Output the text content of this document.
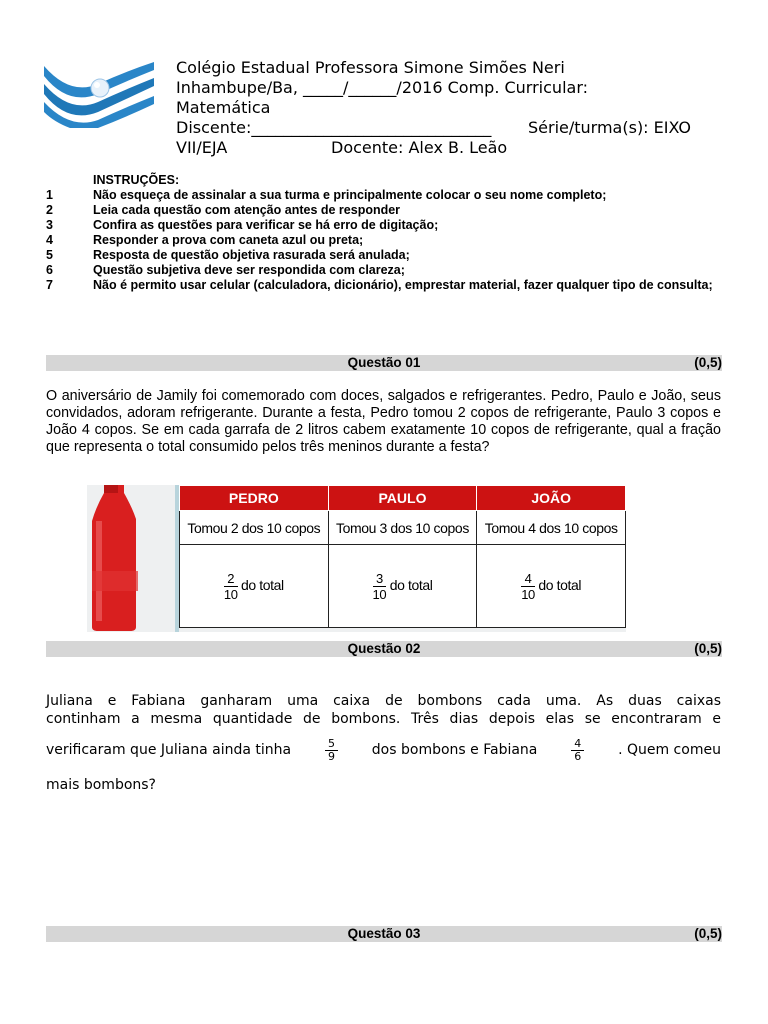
Colégio Estadual Professora Simone Simões Neri
Inhambupe/Ba, _____/______/2016 Comp. Curricular:
Matemática
Discente:______________________________ Série/turma(s): EIXO
VII/EJA	Docente: Alex B. Leão
INSTRUÇÕES:
1	Não esqueça de assinalar a sua turma e principalmente colocar o seu nome completo;
2	Leia cada questão com atenção antes de responder
3	Confira as questões para verificar se há erro de digitação;
4	Responder a prova com caneta azul ou preta;
5	Resposta de questão objetiva rasurada será anulada;
6	Questão subjetiva deve ser respondida com clareza;
7	Não é permito usar celular (calculadora, dicionário), emprestar material, fazer qualquer tipo de consulta;
Questão 01	(0,5)
O aniversário de Jamily foi comemorado com doces, salgados e refrigerantes. Pedro, Paulo e João, seus convidados, adoram refrigerante. Durante a festa, Pedro tomou 2 copos de refrigerante, Paulo 3 copos e João 4 copos. Se em cada garrafa de 2 litros cabem exatamente 10 copos de refrigerante, qual a fração que representa o total consumido pelos três meninos durante a festa?
PEDRO	PAULO	JOÃO
Tomou 2 dos 10 copos	Tomou 3 dos 10 copos	Tomou 4 dos 10 copos

$\frac{2}{10}$ do total	$\frac{3}{10}$ do total	$\frac{4}{10}$ do total
Questão 02	(0,5)
Juliana e Fabiana ganharam uma caixa de bombons cada uma. As duas caixas
continham a mesma quantidade de bombons. Três dias depois elas se encontraram e
verificaram que Juliana ainda tinha	5
9	dos bombons e Fabiana	4
6	. Quem comeu
mais bombons?
Questão 03	(0,5)
